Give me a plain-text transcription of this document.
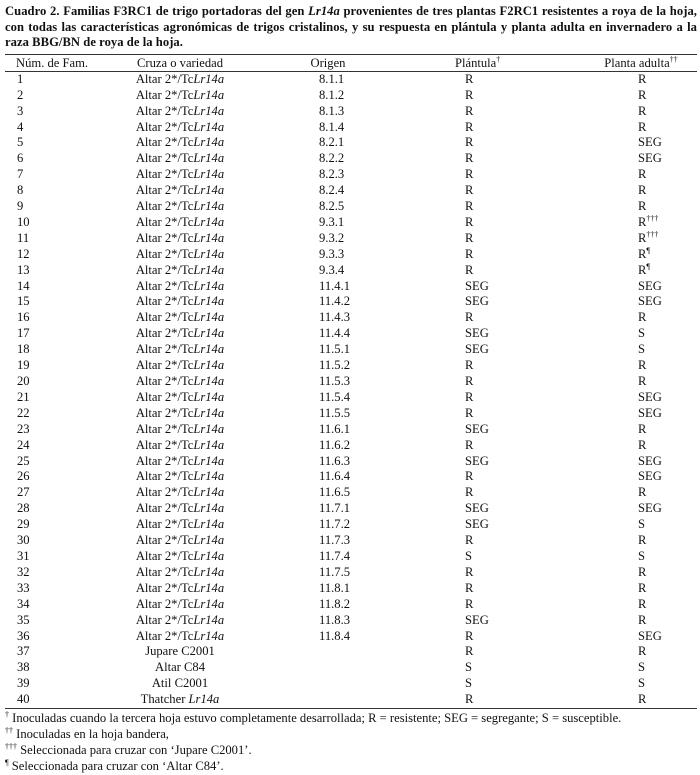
Cuadro 2. Familias F3RC1 de trigo portadoras del gen Lr14a provenientes de tres plantas F2RC1 resistentes a roya de la hoja, con todas las características agronómicas de trigos cristalinos, y su respuesta en plántula y planta adulta en invernadero a la raza BBG/BN de roya de la hoja.
Núm. de Fam.	Cruza o variedad	Origen	Plántula†	Planta adulta††
1	Altar 2*/TcLr14a	8.1.1	R	R
2	Altar 2*/TcLr14a	8.1.2	R	R
3	Altar 2*/TcLr14a	8.1.3	R	R
4	Altar 2*/TcLr14a	8.1.4	R	R
5	Altar 2*/TcLr14a	8.2.1	R	SEG
6	Altar 2*/TcLr14a	8.2.2	R	SEG
7	Altar 2*/TcLr14a	8.2.3	R	R
8	Altar 2*/TcLr14a	8.2.4	R	R
9	Altar 2*/TcLr14a	8.2.5	R	R
10	Altar 2*/TcLr14a	9.3.1	R	R†††
11	Altar 2*/TcLr14a	9.3.2	R	R†††
12	Altar 2*/TcLr14a	9.3.3	R	R¶
13	Altar 2*/TcLr14a	9.3.4	R	R¶
14	Altar 2*/TcLr14a	11.4.1	SEG	SEG
15	Altar 2*/TcLr14a	11.4.2	SEG	SEG
16	Altar 2*/TcLr14a	11.4.3	R	R
17	Altar 2*/TcLr14a	11.4.4	SEG	S
18	Altar 2*/TcLr14a	11.5.1	SEG	S
19	Altar 2*/TcLr14a	11.5.2	R	R
20	Altar 2*/TcLr14a	11.5.3	R	R
21	Altar 2*/TcLr14a	11.5.4	R	SEG
22	Altar 2*/TcLr14a	11.5.5	R	SEG
23	Altar 2*/TcLr14a	11.6.1	SEG	R
24	Altar 2*/TcLr14a	11.6.2	R	R
25	Altar 2*/TcLr14a	11.6.3	SEG	SEG
26	Altar 2*/TcLr14a	11.6.4	R	SEG
27	Altar 2*/TcLr14a	11.6.5	R	R
28	Altar 2*/TcLr14a	11.7.1	SEG	SEG
29	Altar 2*/TcLr14a	11.7.2	SEG	S
30	Altar 2*/TcLr14a	11.7.3	R	R
31	Altar 2*/TcLr14a	11.7.4	S	S
32	Altar 2*/TcLr14a	11.7.5	R	R
33	Altar 2*/TcLr14a	11.8.1	R	R
34	Altar 2*/TcLr14a	11.8.2	R	R
35	Altar 2*/TcLr14a	11.8.3	SEG	R
36	Altar 2*/TcLr14a	11.8.4	R	SEG
37	Jupare C2001		R	R
38	Altar C84		S	S
39	Atil C2001		S	S
40	Thatcher Lr14a		R	R
† Inoculadas cuando la tercera hoja estuvo completamente desarrollada; R = resistente; SEG = segregante; S = susceptible.
†† Inoculadas en la hoja bandera,
††† Seleccionada para cruzar con ‘Jupare C2001’.
¶ Seleccionada para cruzar con ‘Altar C84’.
